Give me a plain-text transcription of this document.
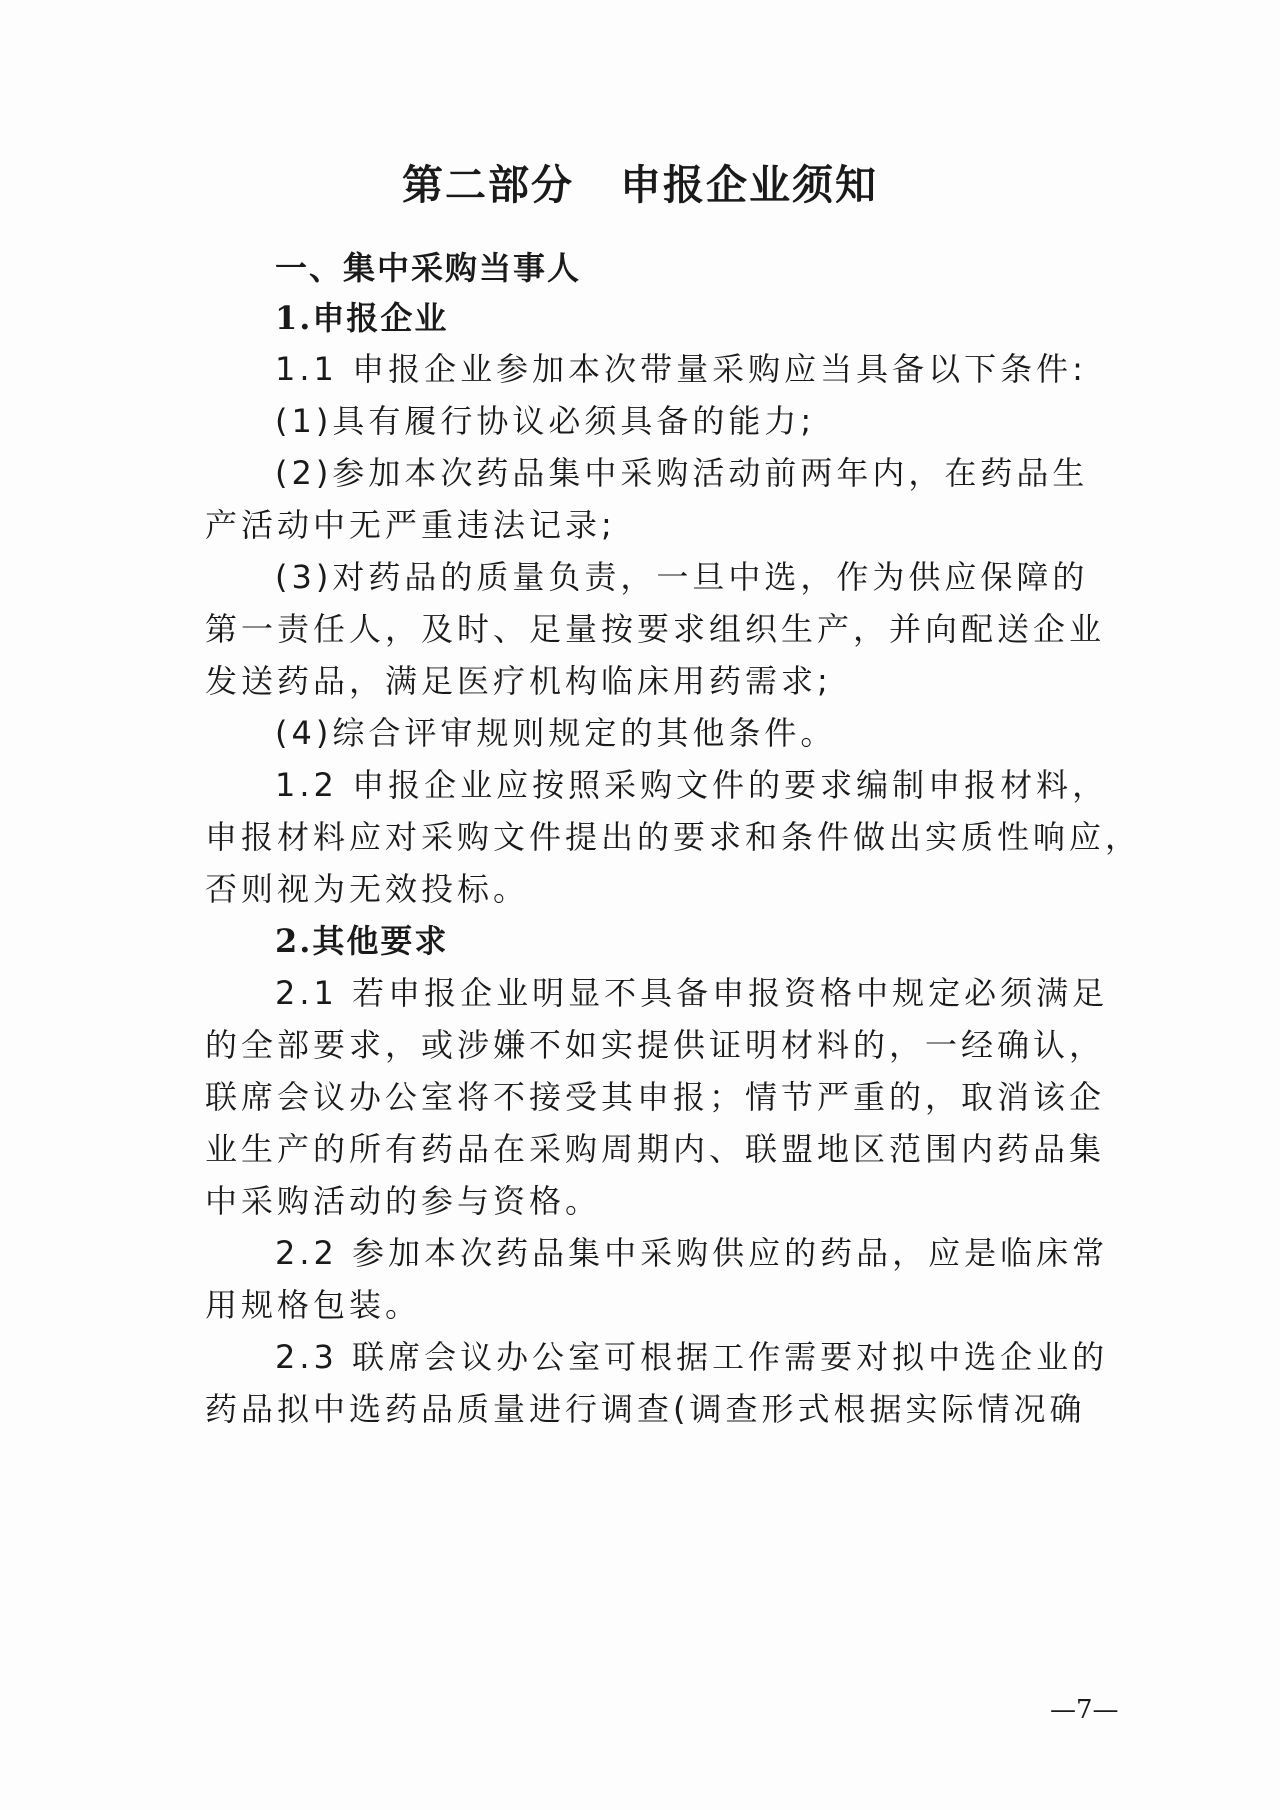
第二部分 申报企业须知
一、集中采购当事人
1.申报企业
1.1 申报企业参加本次带量采购应当具备以下条件:
(1)具有履行协议必须具备的能力;
(2)参加本次药品集中采购活动前两年内，在药品生
产活动中无严重违法记录;
(3)对药品的质量负责，一旦中选，作为供应保障的
第一责任人，及时、足量按要求组织生产，并向配送企业
发送药品，满足医疗机构临床用药需求;
(4)综合评审规则规定的其他条件。
1.2 申报企业应按照采购文件的要求编制申报材料，
申报材料应对采购文件提出的要求和条件做出实质性响应，
否则视为无效投标。
2.其他要求
2.1 若申报企业明显不具备申报资格中规定必须满足
的全部要求，或涉嫌不如实提供证明材料的，一经确认，
联席会议办公室将不接受其申报；情节严重的，取消该企
业生产的所有药品在采购周期内、联盟地区范围内药品集
中采购活动的参与资格。
2.2 参加本次药品集中采购供应的药品，应是临床常
用规格包装。
2.3 联席会议办公室可根据工作需要对拟中选企业的
药品拟中选药品质量进行调查(调查形式根据实际情况确
—7—
